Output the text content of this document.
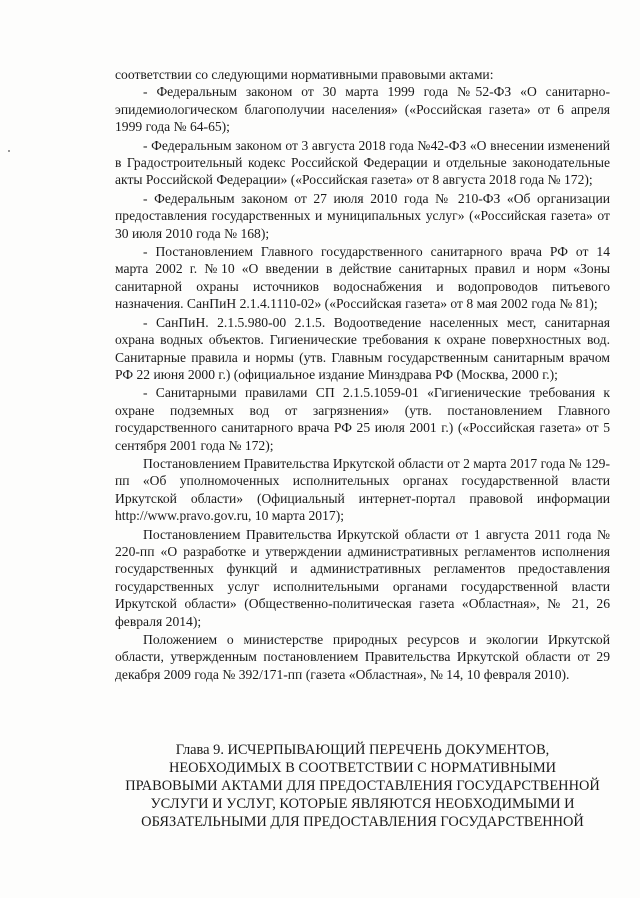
соответствии со следующими нормативными правовыми актами:

- Федеральным законом от 30 марта 1999 года №52-ФЗ «О санитарно-эпидемиологическом благополучии населения» («Российская газета» от 6 апреля 1999 года № 64-65);

- Федеральным законом от 3 августа 2018 года №42-ФЗ «О внесении изменений в Градостроительный кодекс Российской Федерации и отдельные законодательные акты Российской Федерации» («Российская газета» от 8 августа 2018 года № 172);

- Федеральным законом от 27 июля 2010 года № 210-ФЗ «Об организации предоставления государственных и муниципальных услуг» («Российская газета» от 30 июля 2010 года № 168);

- Постановлением Главного государственного санитарного врача РФ от 14 марта 2002 г. №10 «О введении в действие санитарных правил и норм «Зоны санитарной охраны источников водоснабжения и водопроводов питьевого назначения. СанПиН 2.1.4.1110-02» («Российская газета» от 8 мая 2002 года № 81);

- СанПиН. 2.1.5.980-00 2.1.5. Водоотведение населенных мест, санитарная охрана водных объектов. Гигиенические требования к охране поверхностных вод. Санитарные правила и нормы (утв. Главным государственным санитарным врачом РФ 22 июня 2000 г.) (официальное издание Минздрава РФ (Москва, 2000 г.);

- Санитарными правилами СП 2.1.5.1059-01 «Гигиенические требования к охране подземных вод от загрязнения» (утв. постановлением Главного государственного санитарного врача РФ 25 июля 2001 г.) («Российская газета» от 5 сентября 2001 года № 172);

Постановлением Правительства Иркутской области от 2 марта 2017 года № 129-пп «Об уполномоченных исполнительных органах государственной власти Иркутской области» (Официальный интернет-портал правовой информации http://www.pravo.gov.ru, 10 марта 2017);

Постановлением Правительства Иркутской области от 1 августа 2011 года № 220-пп «О разработке и утверждении административных регламентов исполнения государственных функций и административных регламентов предоставления государственных услуг исполнительными органами государственной власти Иркутской области» (Общественно-политическая газета «Областная», № 21, 26 февраля 2014);

Положением о министерстве природных ресурсов и экологии Иркутской области, утвержденным постановлением Правительства Иркутской области от 29 декабря 2009 года № 392/171-пп (газета «Областная», № 14, 10 февраля 2010).

Глава 9. ИСЧЕРПЫВАЮЩИЙ ПЕРЕЧЕНЬ ДОКУМЕНТОВ,
НЕОБХОДИМЫХ В СООТВЕТСТВИИ С НОРМАТИВНЫМИ
ПРАВОВЫМИ АКТАМИ ДЛЯ ПРЕДОСТАВЛЕНИЯ ГОСУДАРСТВЕННОЙ
УСЛУГИ И УСЛУГ, КОТОРЫЕ ЯВЛЯЮТСЯ НЕОБХОДИМЫМИ И
ОБЯЗАТЕЛЬНЫМИ ДЛЯ ПРЕДОСТАВЛЕНИЯ ГОСУДАРСТВЕННОЙ
